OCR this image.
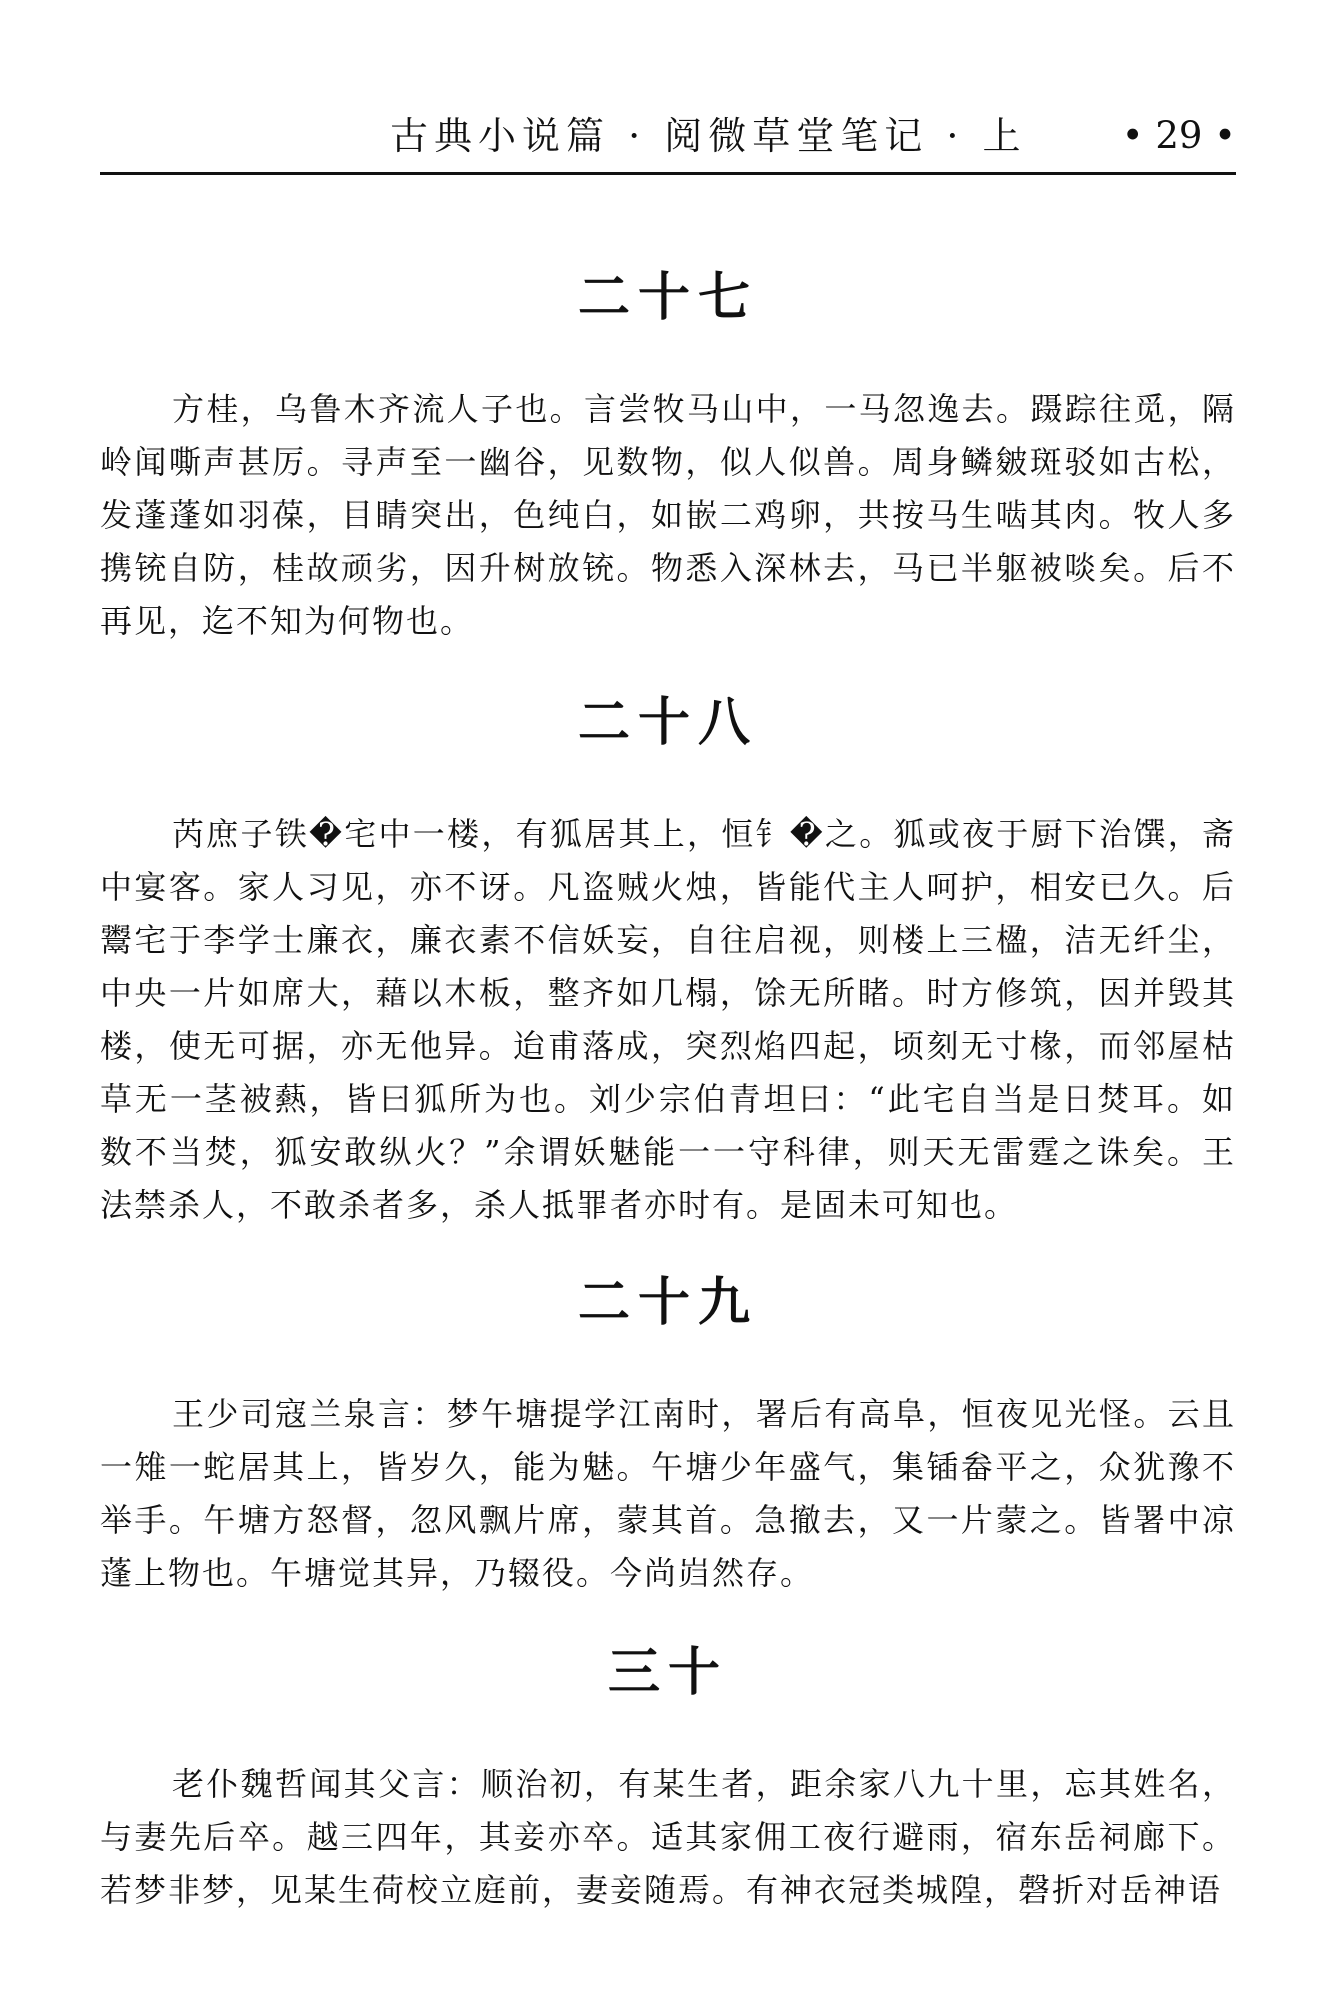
古典小说篇 · 阅微草堂笔记 · 上	• 29 •
二十七

方桂，乌鲁木齐流人子也。言尝牧马山中，一马忽逸去。蹑踪往觅，隔岭闻嘶声甚厉。寻声至一幽谷，见数物，似人似兽。周身鳞皴斑驳如古松，发蓬蓬如羽葆，目睛突出，色纯白，如嵌二鸡卵，共按马生啮其肉。牧人多携铳自防，桂故顽劣，因升树放铳。物悉入深林去，马已半躯被啖矣。后不再见，迄不知为何物也。

二十八

芮庶子铁�宅中一楼，有狐居其上，恒钅�之。狐或夜于厨下治馔，斋中宴客。家人习见，亦不讶。凡盗贼火烛，皆能代主人呵护，相安已久。后鬻宅于李学士廉衣，廉衣素不信妖妄，自往启视，则楼上三楹，洁无纤尘，中央一片如席大，藉以木板，整齐如几榻，馀无所睹。时方修筑，因并毁其楼，使无可据，亦无他异。迨甫落成，突烈焰四起，顷刻无寸椽，而邻屋枯草无一茎被爇，皆曰狐所为也。刘少宗伯青坦曰：“此宅自当是日焚耳。如数不当焚，狐安敢纵火？”余谓妖魅能一一守科律，则天无雷霆之诛矣。王法禁杀人，不敢杀者多，杀人抵罪者亦时有。是固未可知也。

二十九

王少司寇兰泉言：梦午塘提学江南时，署后有高阜，恒夜见光怪。云且一雉一蛇居其上，皆岁久，能为魅。午塘少年盛气，集锸畚平之，众犹豫不举手。午塘方怒督，忽风飘片席，蒙其首。急撤去，又一片蒙之。皆署中凉蓬上物也。午塘觉其异，乃辍役。今尚岿然存。

三十

老仆魏哲闻其父言：顺治初，有某生者，距余家八九十里，忘其姓名，与妻先后卒。越三四年，其妾亦卒。适其家佣工夜行避雨，宿东岳祠廊下。若梦非梦，见某生荷校立庭前，妻妾随焉。有神衣冠类城隍，磬折对岳神语
